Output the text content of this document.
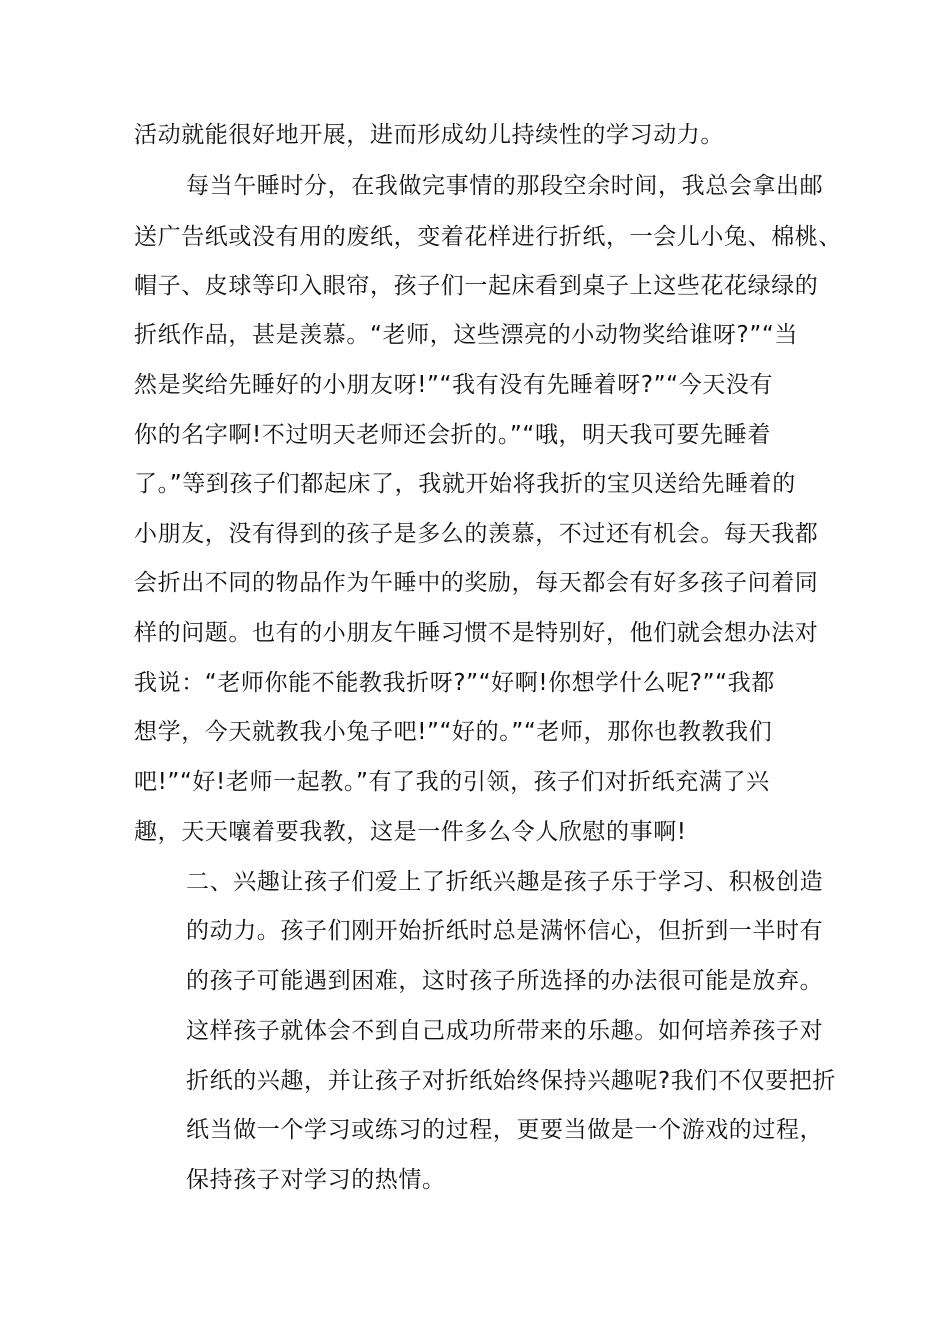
活动就能很好地开展，进而形成幼儿持续性的学习动力。
每当午睡时分，在我做完事情的那段空余时间，我总会拿出邮
送广告纸或没有用的废纸，变着花样进行折纸，一会儿小兔、棉桃、
帽子、皮球等印入眼帘，孩子们一起床看到桌子上这些花花绿绿的
折纸作品，甚是羡慕。“老师，这些漂亮的小动物奖给谁呀?”“当
然是奖给先睡好的小朋友呀!”“我有没有先睡着呀?”“今天没有
你的名字啊!不过明天老师还会折的。”“哦，明天我可要先睡着
了。”等到孩子们都起床了，我就开始将我折的宝贝送给先睡着的
小朋友，没有得到的孩子是多么的羡慕，不过还有机会。每天我都
会折出不同的物品作为午睡中的奖励，每天都会有好多孩子问着同
样的问题。也有的小朋友午睡习惯不是特别好，他们就会想办法对
我说：“老师你能不能教我折呀?”“好啊!你想学什么呢?”“我都
想学，今天就教我小兔子吧!”“好的。”“老师，那你也教教我们
吧!”“好!老师一起教。”有了我的引领，孩子们对折纸充满了兴
趣，天天嚷着要我教，这是一件多么令人欣慰的事啊!
二、兴趣让孩子们爱上了折纸兴趣是孩子乐于学习、积极创造
的动力。孩子们刚开始折纸时总是满怀信心，但折到一半时有
的孩子可能遇到困难，这时孩子所选择的办法很可能是放弃。
这样孩子就体会不到自己成功所带来的乐趣。如何培养孩子对
折纸的兴趣，并让孩子对折纸始终保持兴趣呢?我们不仅要把折
纸当做一个学习或练习的过程，更要当做是一个游戏的过程，
保持孩子对学习的热情。
